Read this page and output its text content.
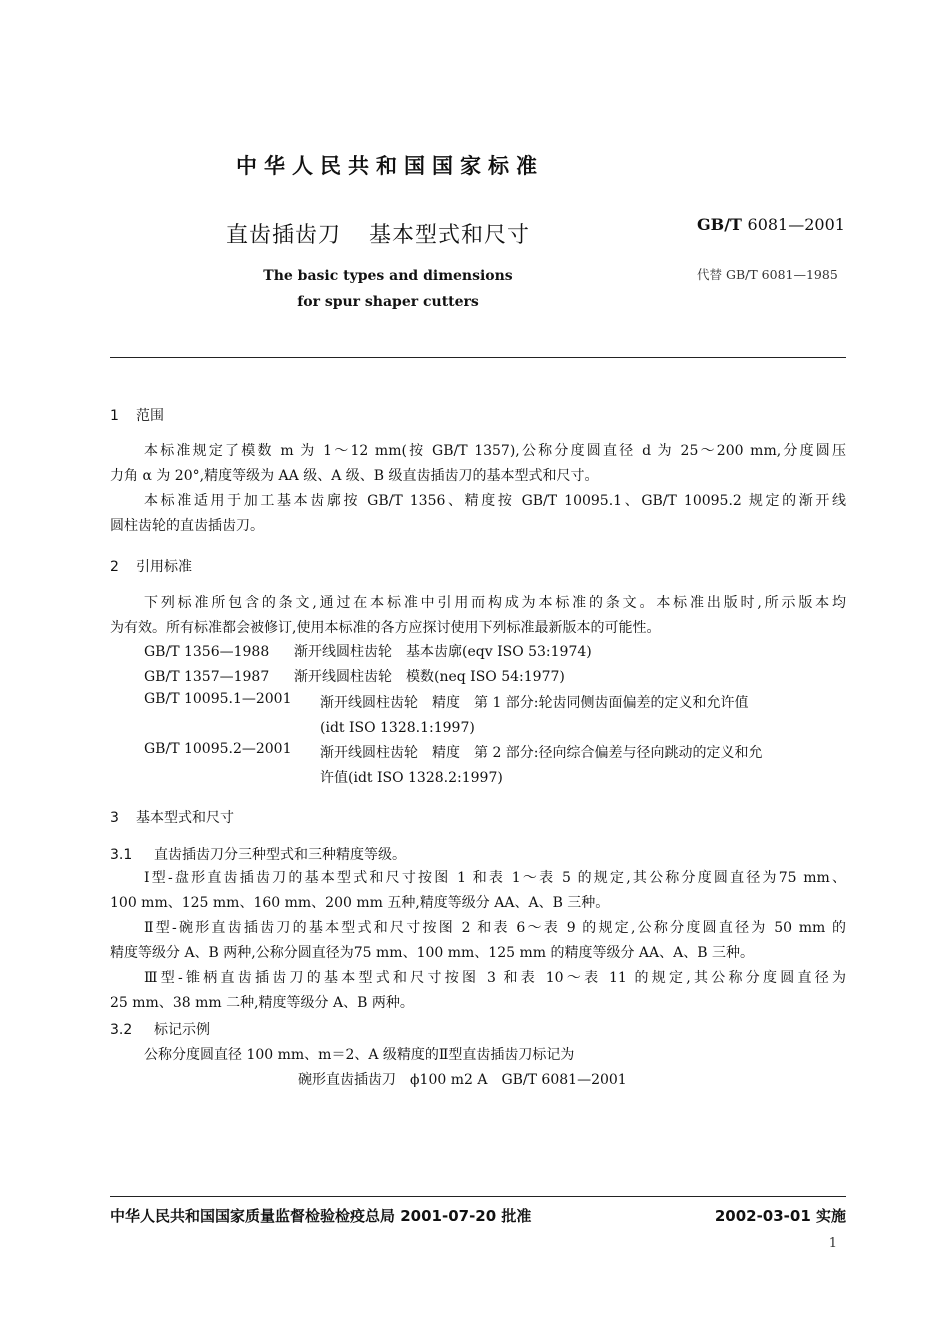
中华人民共和国国家标准
直齿插齿刀 基本型式和尺寸	GB/T 6081—2001
代替 GB/T 6081—1985
The basic types and dimensions
for spur shaper cutters
1 范围
本标准规定了模数 m 为 1～12 mm(按 GB/T 1357),公称分度圆直径 d 为 25～200 mm,分度圆压
力角 α 为 20°,精度等级为 AA 级、A 级、B 级直齿插齿刀的基本型式和尺寸。
本标准适用于加工基本齿廓按 GB/T 1356、精度按 GB/T 10095.1、GB/T 10095.2 规定的渐开线
圆柱齿轮的直齿插齿刀。
2 引用标准
下列标准所包含的条文,通过在本标准中引用而构成为本标准的条文。本标准出版时,所示版本均
为有效。所有标准都会被修订,使用本标准的各方应探讨使用下列标准最新版本的可能性。
GB/T 1356—1988 渐开线圆柱齿轮　基本齿廓(eqv ISO 53:1974)
GB/T 1357—1987 渐开线圆柱齿轮　模数(neq ISO 54:1977)
GB/T 10095.1—2001	渐开线圆柱齿轮　精度　第 1 部分:轮齿同侧齿面偏差的定义和允许值
(idt ISO 1328.1:1997)
GB/T 10095.2—2001	渐开线圆柱齿轮　精度　第 2 部分:径向综合偏差与径向跳动的定义和允
许值(idt ISO 1328.2:1997)
3 基本型式和尺寸
3.1 直齿插齿刀分三种型式和三种精度等级。
Ⅰ型-盘形直齿插齿刀的基本型式和尺寸按图 1 和表 1～表 5 的规定,其公称分度圆直径为75 mm、
100 mm、125 mm、160 mm、200 mm 五种,精度等级分 AA、A、B 三种。
Ⅱ型-碗形直齿插齿刀的基本型式和尺寸按图 2 和表 6～表 9 的规定,公称分度圆直径为 50 mm 的
精度等级分 A、B 两种,公称分圆直径为75 mm、100 mm、125 mm 的精度等级分 AA、A、B 三种。
Ⅲ型-锥柄直齿插齿刀的基本型式和尺寸按图 3 和表 10～表 11 的规定,其公称分度圆直径为
25 mm、38 mm 二种,精度等级分 A、B 两种。
3.2 标记示例
公称分度圆直径 100 mm、m＝2、A 级精度的Ⅱ型直齿插齿刀标记为
碗形直齿插齿刀　ϕ100 m2 A　GB/T 6081—2001
中华人民共和国国家质量监督检验检疫总局 2001-07-20 批准	2002-03-01 实施
1
